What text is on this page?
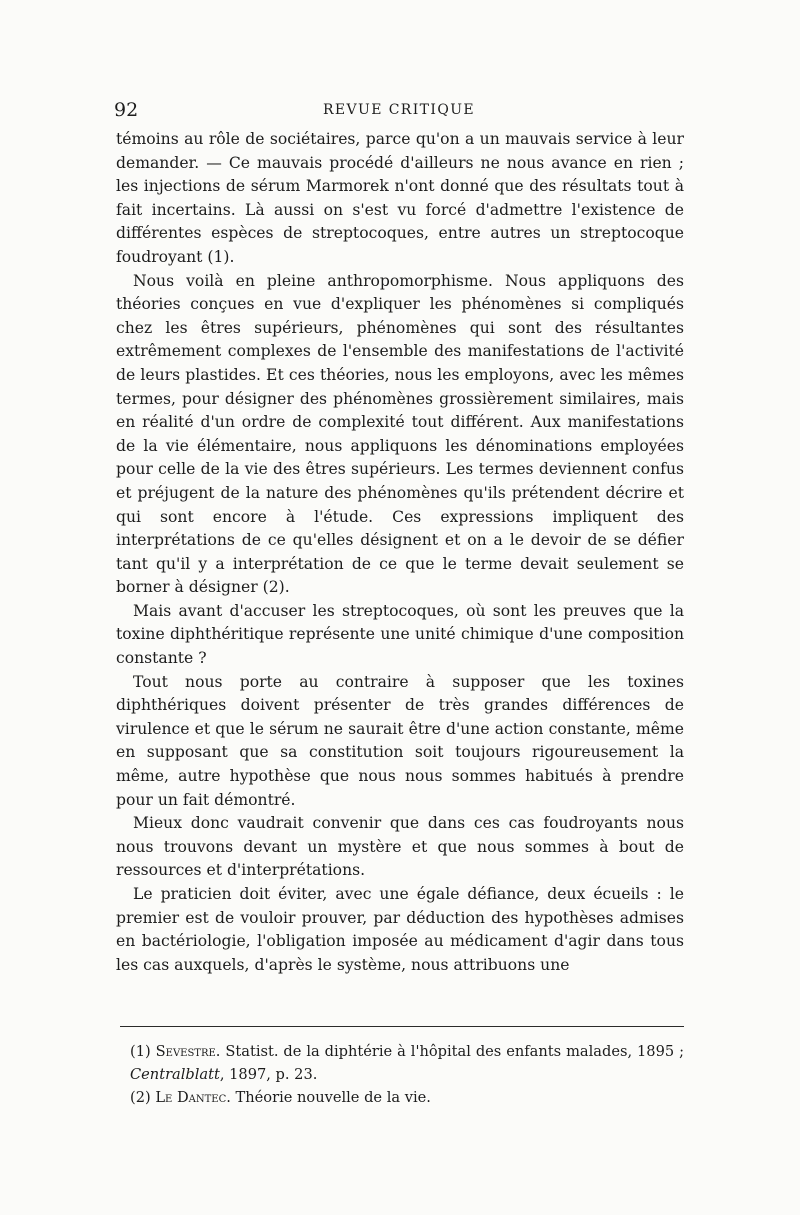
92	REVUE CRITIQUE

témoins au rôle de sociétaires, parce qu'on a un mauvais service à leur demander. — Ce mauvais procédé d'ailleurs ne nous avance en rien ; les injections de sérum Marmorek n'ont donné que des résultats tout à fait incertains. Là aussi on s'est vu forcé d'admettre l'existence de différentes espèces de streptocoques, entre autres un streptocoque foudroyant (1).

Nous voilà en pleine anthropomorphisme. Nous appliquons des théories conçues en vue d'expliquer les phénomènes si compliqués chez les êtres supérieurs, phénomènes qui sont des résultantes extrêmement complexes de l'ensemble des manifestations de l'activité de leurs plastides. Et ces théories, nous les employons, avec les mêmes termes, pour désigner des phénomènes grossièrement similaires, mais en réalité d'un ordre de complexité tout différent. Aux manifestations de la vie élémentaire, nous appliquons les dénominations employées pour celle de la vie des êtres supérieurs. Les termes deviennent confus et préjugent de la nature des phénomènes qu'ils prétendent décrire et qui sont encore à l'étude. Ces expressions impliquent des interprétations de ce qu'elles désignent et on a le devoir de se défier tant qu'il y a interprétation de ce que le terme devait seulement se borner à désigner (2).

Mais avant d'accuser les streptocoques, où sont les preuves que la toxine diphthéritique représente une unité chimique d'une composition constante ?

Tout nous porte au contraire à supposer que les toxines diphthériques doivent présenter de très grandes différences de virulence et que le sérum ne saurait être d'une action constante, même en supposant que sa constitution soit toujours rigoureusement la même, autre hypothèse que nous nous sommes habitués à prendre pour un fait démontré.

Mieux donc vaudrait convenir que dans ces cas foudroyants nous nous trouvons devant un mystère et que nous sommes à bout de ressources et d'interprétations.

Le praticien doit éviter, avec une égale défiance, deux écueils : le premier est de vouloir prouver, par déduction des hypothèses admises en bactériologie, l'obligation imposée au médicament d'agir dans tous les cas auxquels, d'après le système, nous attribuons une

(1) Sevestre. Statist. de la diphtérie à l'hôpital des enfants malades, 1895 ; Centralblatt, 1897, p. 23.

(2) Le Dantec. Théorie nouvelle de la vie.
